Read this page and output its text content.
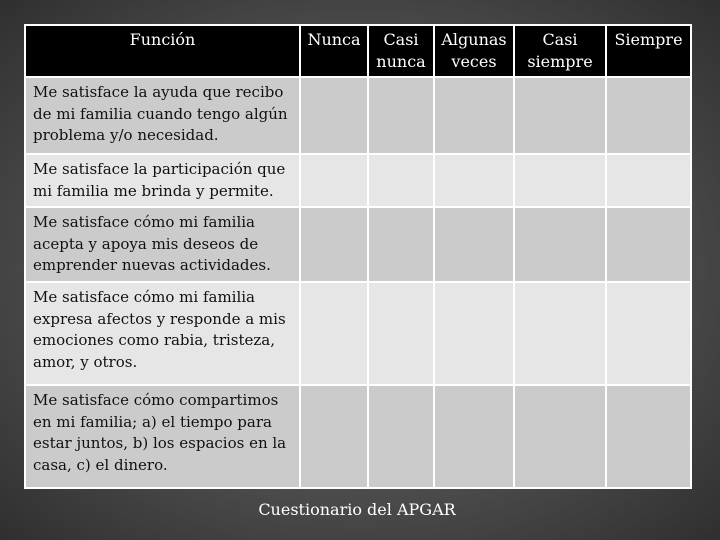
Función	Nunca	Casi nunca	Algunas veces	Casi siempre	Siempre
Me satisface la ayuda que recibo de mi familia cuando tengo algún problema y/o necesidad.					
Me satisface la participación que mi familia me brinda y permite.					
Me satisface cómo mi familia acepta y apoya mis deseos de emprender nuevas actividades.					
Me satisface cómo mi familia expresa afectos y responde a mis emociones como rabia, tristeza, amor, y otros.					
Me satisface cómo compartimos en mi familia; a) el tiempo para estar juntos, b) los espacios en la casa, c) el dinero.					
Cuestionario del APGAR
